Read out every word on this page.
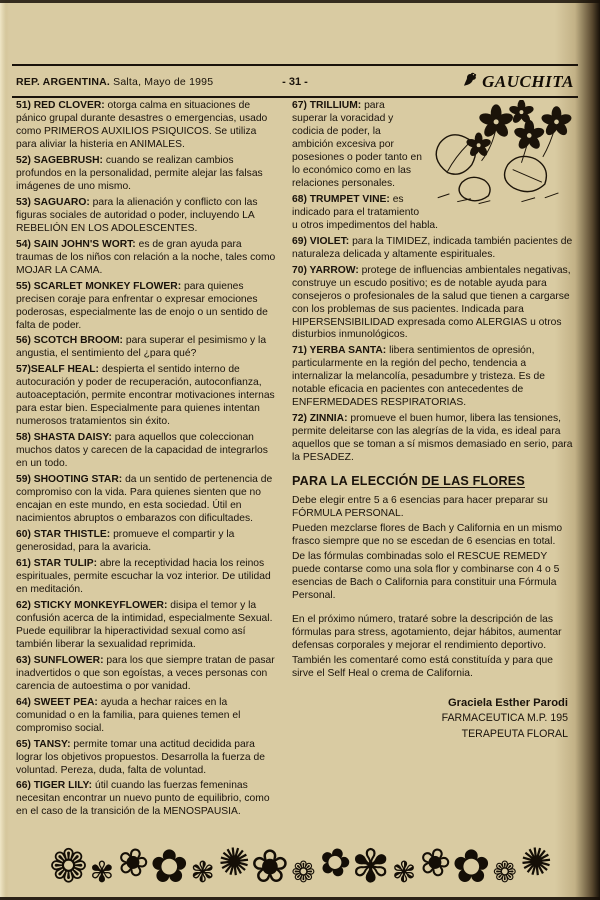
REP. ARGENTINA. Salta, Mayo de 1995	- 31 -	GAUCHITA
51) RED CLOVER: otorga calma en situaciones de pánico grupal durante desastres o emergencias, usado como PRIMEROS AUXILIOS PSIQUICOS. Se utiliza para aliviar la histeria en ANIMALES.
52) SAGEBRUSH: cuando se realizan cambios profundos en la personalidad, permite alejar las falsas imágenes de uno mismo.
53) SAGUARO: para la alienación y conflicto con las figuras sociales de autoridad o poder, incluyendo LA REBELIÓN EN LOS ADOLESCENTES.
54) SAIN JOHN'S WORT: es de gran ayuda para traumas de los niños con relación a la noche, tales como MOJAR LA CAMA.
55) SCARLET MONKEY FLOWER: para quienes precisen coraje para enfrentar o expresar emociones poderosas, especialmente las de enojo o un sentido de falta de poder.
56) SCOTCH BROOM: para superar el pesimismo y la angustia, el sentimiento del ¿para qué?
57)SEALF HEAL: despierta el sentido interno de autocuración y poder de recuperación, autoconfianza, autoaceptación, permite encontrar motivaciones internas para estar bien. Especialmente para quienes intentan numerosos tratamientos sin éxito.
58) SHASTA DAISY: para aquellos que coleccionan muchos datos y carecen de la capacidad de integrarlos en un todo.
59) SHOOTING STAR: da un sentido de pertenencia de compromiso con la vida. Para quienes sienten que no encajan en este mundo, en esta sociedad. Útil en nacimientos abruptos o embarazos con dificultades.
60) STAR THISTLE: promueve el compartir y la generosidad, para la avaricia.
61) STAR TULIP: abre la receptividad hacia los reinos espirituales, permite escuchar la voz interior. De utilidad en meditación.
62) STICKY MONKEYFLOWER: disipa el temor y la confusión acerca de la intimidad, especialmente Sexual. Puede equilibrar la hiperactividad sexual como así también liberar la sexualidad reprimida.
63) SUNFLOWER: para los que siempre tratan de pasar inadvertidos o que son egoístas, a veces personas con carencia de autoestima o por vanidad.
64) SWEET PEA: ayuda a hechar raices en la comunidad o en la familia, para quienes temen el compromiso social.
65) TANSY: permite tomar una actitud decidida para lograr los objetivos propuestos. Desarrolla la fuerza de voluntad. Pereza, duda, falta de voluntad.
66) TIGER LILY: útil cuando las fuerzas femeninas necesitan encontrar un nuevo punto de equilibrio, como en el caso de la transición de la MENOSPAUSIA.
67) TRILLIUM: para superar la voracidad y codicia de poder, la ambición excesiva por posesiones o poder tanto en lo económico como en las relaciones personales.
68) TRUMPET VINE: es indicado para el tratamiento u otros impedimentos del habla.
69) VIOLET: para la TIMIDEZ, indicada también pacientes de naturaleza delicada y altamente espirituales.
70) YARROW: protege de influencias ambientales negativas, construye un escudo positivo; es de notable ayuda para consejeros o profesionales de la salud que tienen a cargarse con los problemas de sus pacientes. Indicada para HIPERSENSIBILIDAD expresada como ALERGIAS u otros disturbios inmunológicos.
71) YERBA SANTA: libera sentimientos de opresión, particularmente en la región del pecho, tendencia a internalizar la melancolía, pesadumbre y tristeza. Es de notable eficacia en pacientes con antecedentes de ENFERMEDADES RESPIRATORIAS.
72) ZINNIA: promueve el buen humor, libera las tensiones, permite deleitarse con las alegrías de la vida, es ideal para aquellos que se toman a sí mismos demasiado en serio, para la PESADEZ.
PARA LA ELECCIÓN DE LAS FLORES

Debe elegir entre 5 a 6 esencias para hacer preparar su FÓRMULA PERSONAL.

Pueden mezclarse flores de Bach y California en un mismo frasco siempre que no se escedan de 6 esencias en total.

De las fórmulas combinadas solo el RESCUE REMEDY puede contarse como una sola flor y combinarse con 4 o 5 esencias de Bach o California para constituir una Fórmula Personal.

En el próximo número, trataré sobre la descripción de las fórmulas para stress, agotamiento, dejar hábitos, aumentar defensas corporales y mejorar el rendimiento deportivo.

También les comentaré como está constituída y para que sirve el Self Heal o crema de California.

Graciela Esther Parodi
FARMACEUTICA M.P. 195
TERAPEUTA FLORAL
❁ ✾
❀
✿ ❃
✺
❀ ❁
✿
✾ ❃
❀
✿ ❁
✺
